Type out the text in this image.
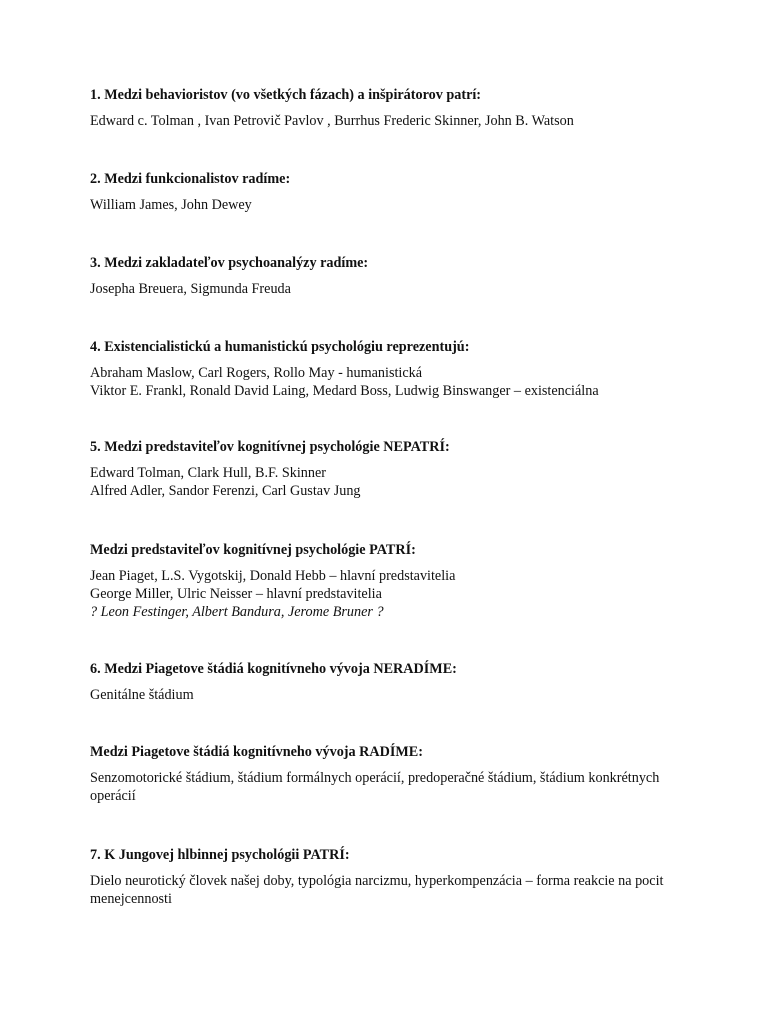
1. Medzi behavioristov (vo všetkých fázach) a inšpirátorov patrí:

Edward c. Tolman , Ivan Petrovič Pavlov , Burrhus Frederic Skinner, John B. Watson

2. Medzi funkcionalistov radíme:

William James, John Dewey

3. Medzi zakladateľov psychoanalýzy radíme:

Josepha Breuera, Sigmunda Freuda

4. Existencialistickú a humanistickú psychológiu reprezentujú:

Abraham Maslow, Carl Rogers, Rollo May - humanistická
Viktor E. Frankl, Ronald David Laing, Medard Boss, Ludwig Binswanger – existenciálna

5. Medzi predstaviteľov kognitívnej psychológie NEPATRÍ:

Edward Tolman, Clark Hull, B.F. Skinner
Alfred Adler, Sandor Ferenzi, Carl Gustav Jung

Medzi predstaviteľov kognitívnej psychológie PATRÍ:

Jean Piaget, L.S. Vygotskij, Donald Hebb – hlavní predstavitelia
George Miller, Ulric Neisser – hlavní predstavitelia
? Leon Festinger, Albert Bandura, Jerome Bruner ?

6. Medzi Piagetove štádiá kognitívneho vývoja NERADÍME:

Genitálne štádium

Medzi Piagetove štádiá kognitívneho vývoja RADÍME:

Senzomotorické štádium, štádium formálnych operácií, predoperačné štádium, štádium konkrétnych operácií

7. K Jungovej hlbinnej psychológii PATRÍ:

Dielo neurotický človek našej doby, typológia narcizmu, hyperkompenzácia – forma reakcie na pocit menejcennosti
